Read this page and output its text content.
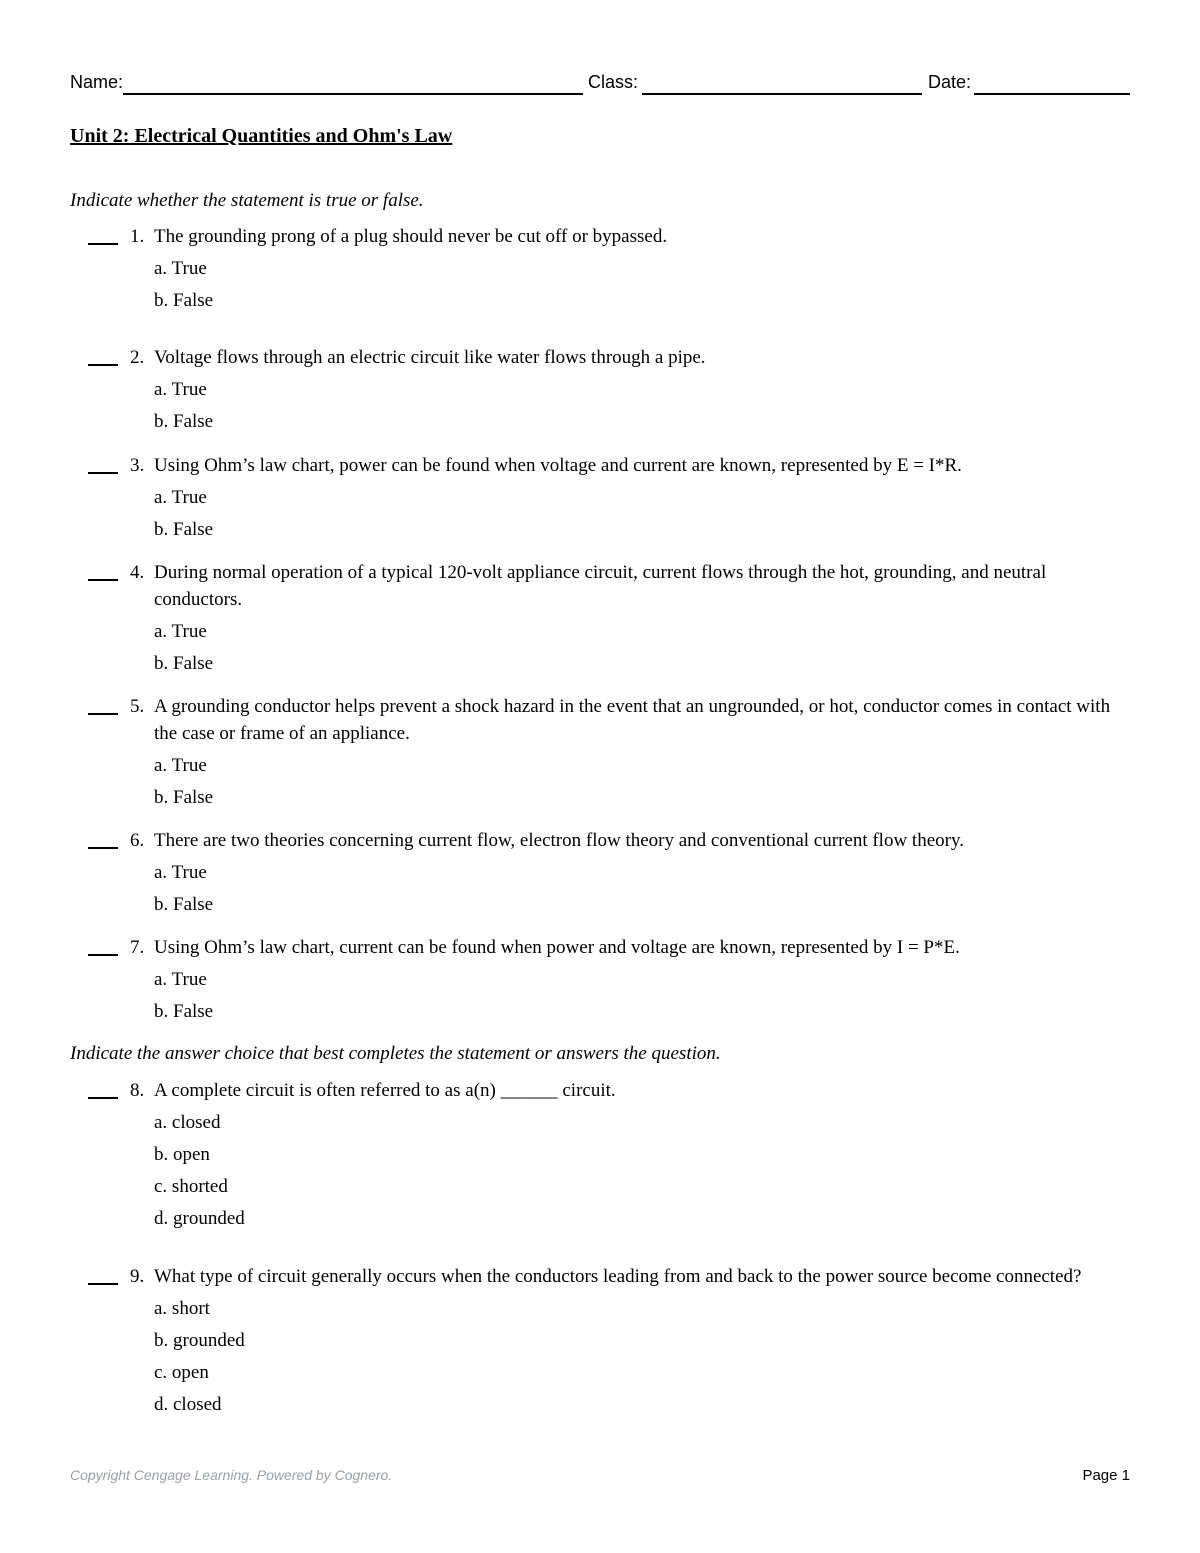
Name:	Class:	Date:
Unit 2: Electrical Quantities and Ohm's Law
Indicate whether the statement is true or false.
1. The grounding prong of a plug should never be cut off or bypassed.
a. True
b. False
2. Voltage flows through an electric circuit like water flows through a pipe.
a. True
b. False
3. Using Ohm’s law chart, power can be found when voltage and current are known, represented by E = I*R.
a. True
b. False
4. During normal operation of a typical 120-volt appliance circuit, current flows through the hot, grounding, and neutral conductors.
a. True
b. False
5. A grounding conductor helps prevent a shock hazard in the event that an ungrounded, or hot, conductor comes in contact with the case or frame of an appliance.
a. True
b. False
6. There are two theories concerning current flow, electron flow theory and conventional current flow theory.
a. True
b. False
7. Using Ohm’s law chart, current can be found when power and voltage are known, represented by I = P*E.
a. True
b. False
Indicate the answer choice that best completes the statement or answers the question.
8. A complete circuit is often referred to as a(n) ______ circuit.
a. closed
b. open
c. shorted
d. grounded
9. What type of circuit generally occurs when the conductors leading from and back to the power source become connected?
a. short
b. grounded
c. open
d. closed
Copyright Cengage Learning. Powered by Cognero.	Page 1
